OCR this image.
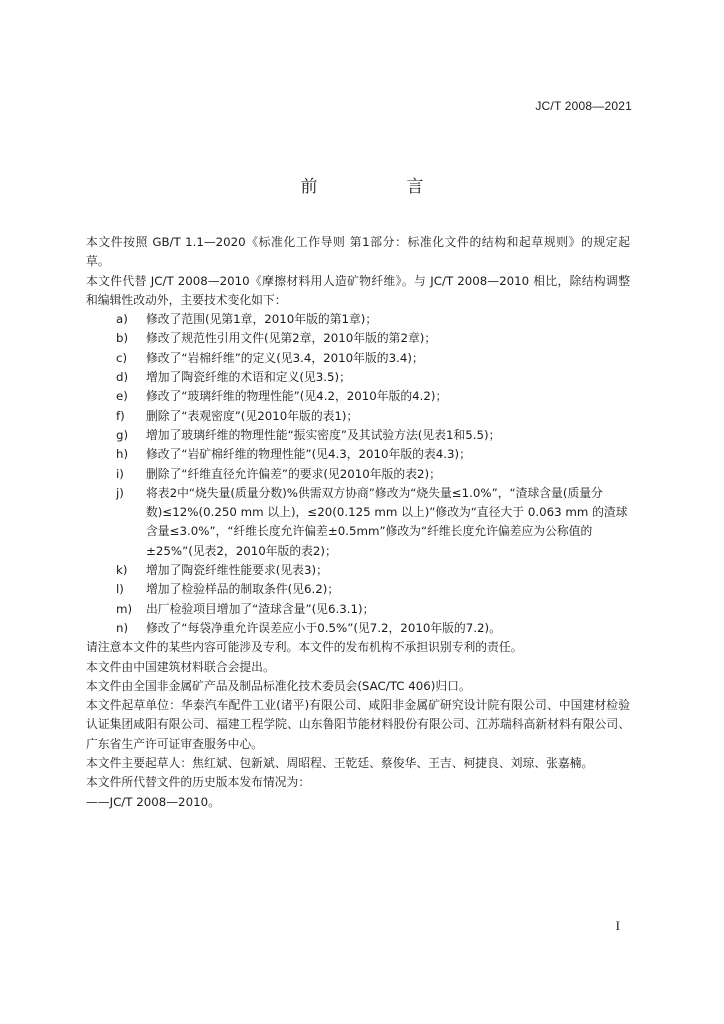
JC/T 2008—2021
前　言

本文件按照 GB/T 1.1—2020《标准化工作导则 第1部分：标准化文件的结构和起草规则》的规定起草。

本文件代替 JC/T 2008—2010《摩擦材料用人造矿物纤维》。与 JC/T 2008—2010 相比，除结构调整和编辑性改动外，主要技术变化如下：

a)	修改了范围(见第1章，2010年版的第1章)；
b)	修改了规范性引用文件(见第2章，2010年版的第2章)；
c)	修改了“岩棉纤维”的定义(见3.4，2010年版的3.4)；
d)	增加了陶瓷纤维的术语和定义(见3.5)；
e)	修改了“玻璃纤维的物理性能”(见4.2，2010年版的4.2)；
f)	删除了“表观密度”(见2010年版的表1)；
g)	增加了玻璃纤维的物理性能“振实密度”及其试验方法(见表1和5.5)；
h)	修改了“岩矿棉纤维的物理性能”(见4.3，2010年版的表4.3)；
i)	删除了“纤维直径允许偏差”的要求(见2010年版的表2)；
j)	将表2中“烧失量(质量分数)%供需双方协商”修改为“烧失量≤1.0%”，“渣球含量(质量分数)≤12%(0.250 mm 以上)，≤20(0.125 mm 以上)”修改为“直径大于 0.063 mm 的渣球含量≤3.0%”，“纤维长度允许偏差±0.5mm”修改为“纤维长度允许偏差应为公称值的±25%”(见表2，2010年版的表2)；
k)	增加了陶瓷纤维性能要求(见表3)；
l)	增加了检验样品的制取条件(见6.2)；
m)	出厂检验项目增加了“渣球含量”(见6.3.1)；
n)	修改了“每袋净重允许误差应小于0.5%”(见7.2，2010年版的7.2)。

请注意本文件的某些内容可能涉及专利。本文件的发布机构不承担识别专利的责任。

本文件由中国建筑材料联合会提出。

本文件由全国非金属矿产品及制品标准化技术委员会(SAC/TC 406)归口。

本文件起草单位：华泰汽车配件工业(诸平)有限公司、咸阳非金属矿研究设计院有限公司、中国建材检验认证集团咸阳有限公司、福建工程学院、山东鲁阳节能材料股份有限公司、江苏瑞科高新材料有限公司、广东省生产许可证审查服务中心。

本文件主要起草人：焦红斌、包新斌、周昭程、王乾廷、蔡俊华、王吉、柯捷良、刘琼、张嘉楠。

本文件所代替文件的历史版本发布情况为：

——JC/T 2008—2010。

I
